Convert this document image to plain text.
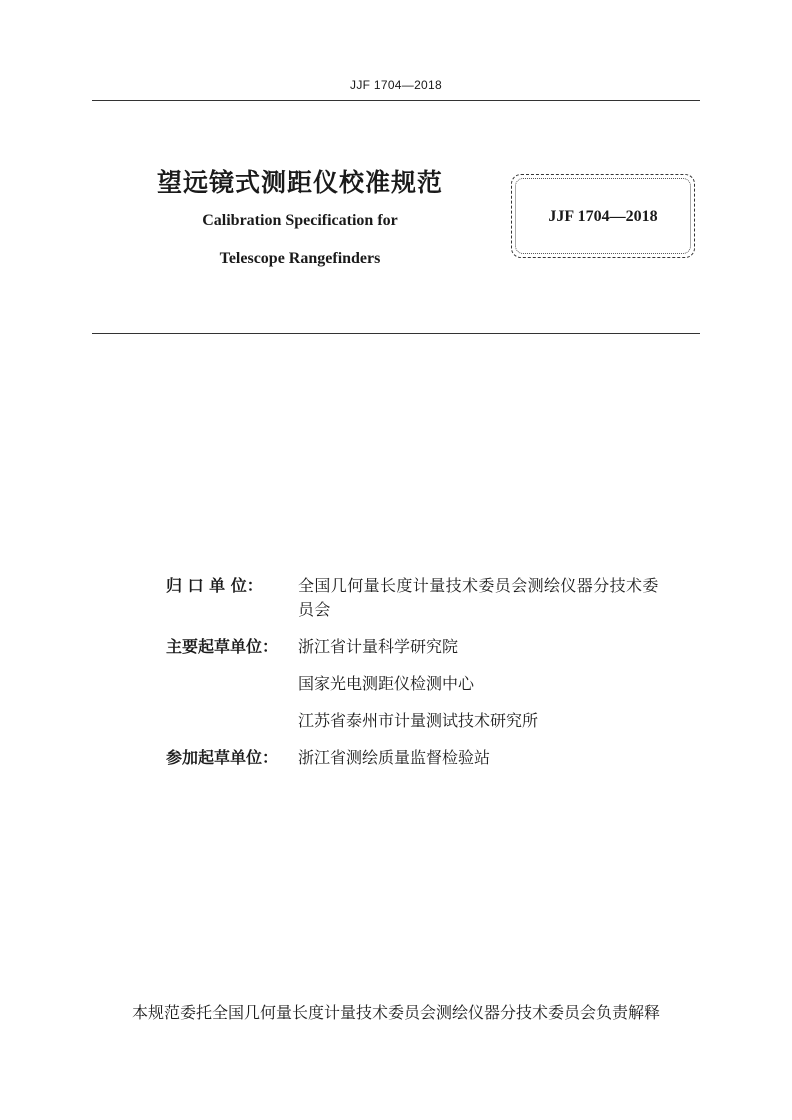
JJF 1704—2018
望远镜式测距仪校准规范
Calibration Specification for
Telescope Rangefinders
JJF 1704—2018
归 口 单 位：	全国几何量长度计量技术委员会测绘仪器分技术委
员会
主要起草单位：	浙江省计量科学研究院
国家光电测距仪检测中心
江苏省泰州市计量测试技术研究所
参加起草单位：	浙江省测绘质量监督检验站
本规范委托全国几何量长度计量技术委员会测绘仪器分技术委员会负责解释
